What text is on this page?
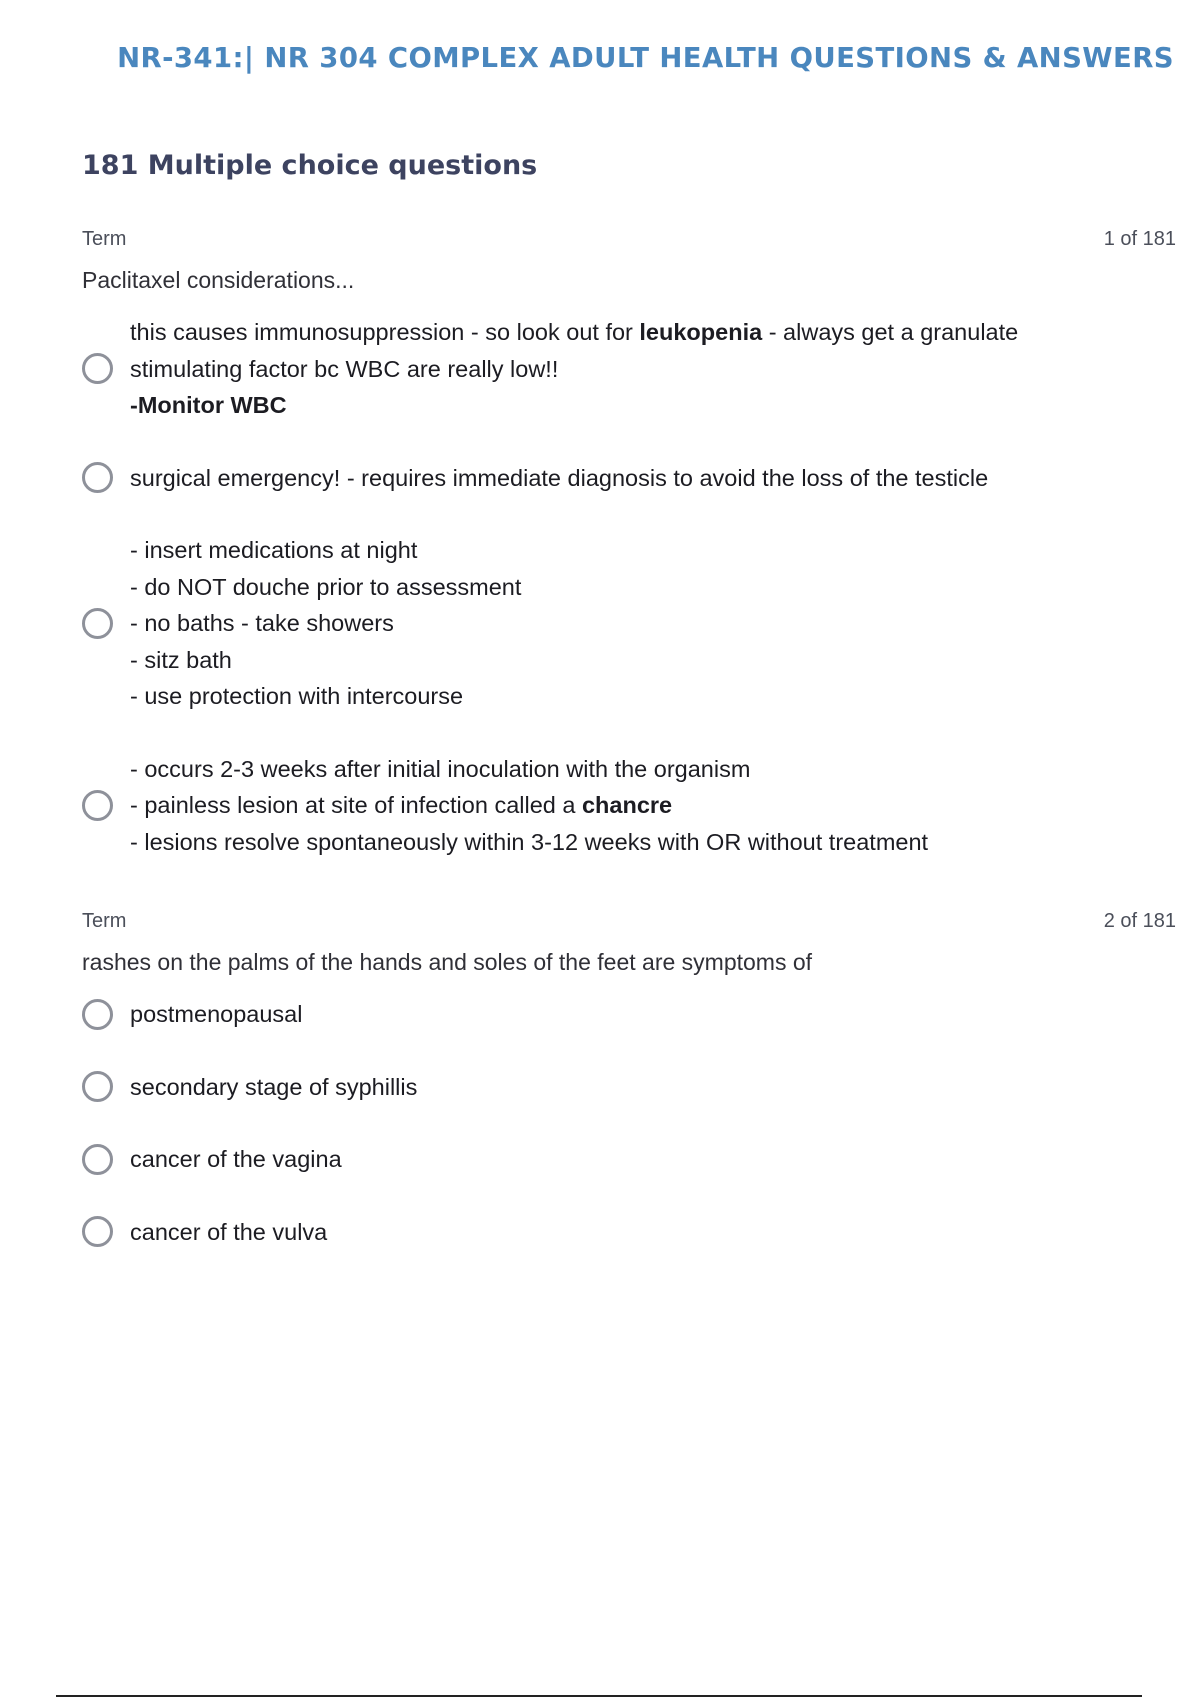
NR-341:| NR 304 COMPLEX ADULT HEALTH QUESTIONS & ANSWERS
181 Multiple choice questions
Term	1 of 181
Paclitaxel considerations...
this causes immunosuppression - so look out for leukopenia - always get a granulate
stimulating factor bc WBC are really low!!
-Monitor WBC
surgical emergency! - requires immediate diagnosis to avoid the loss of the testicle
- insert medications at night
- do NOT douche prior to assessment
- no baths - take showers
- sitz bath
- use protection with intercourse
- occurs 2-3 weeks after initial inoculation with the organism
- painless lesion at site of infection called a chancre
- lesions resolve spontaneously within 3-12 weeks with OR without treatment
Term	2 of 181
rashes on the palms of the hands and soles of the feet are symptoms of
postmenopausal
secondary stage of syphillis
cancer of the vagina
cancer of the vulva
